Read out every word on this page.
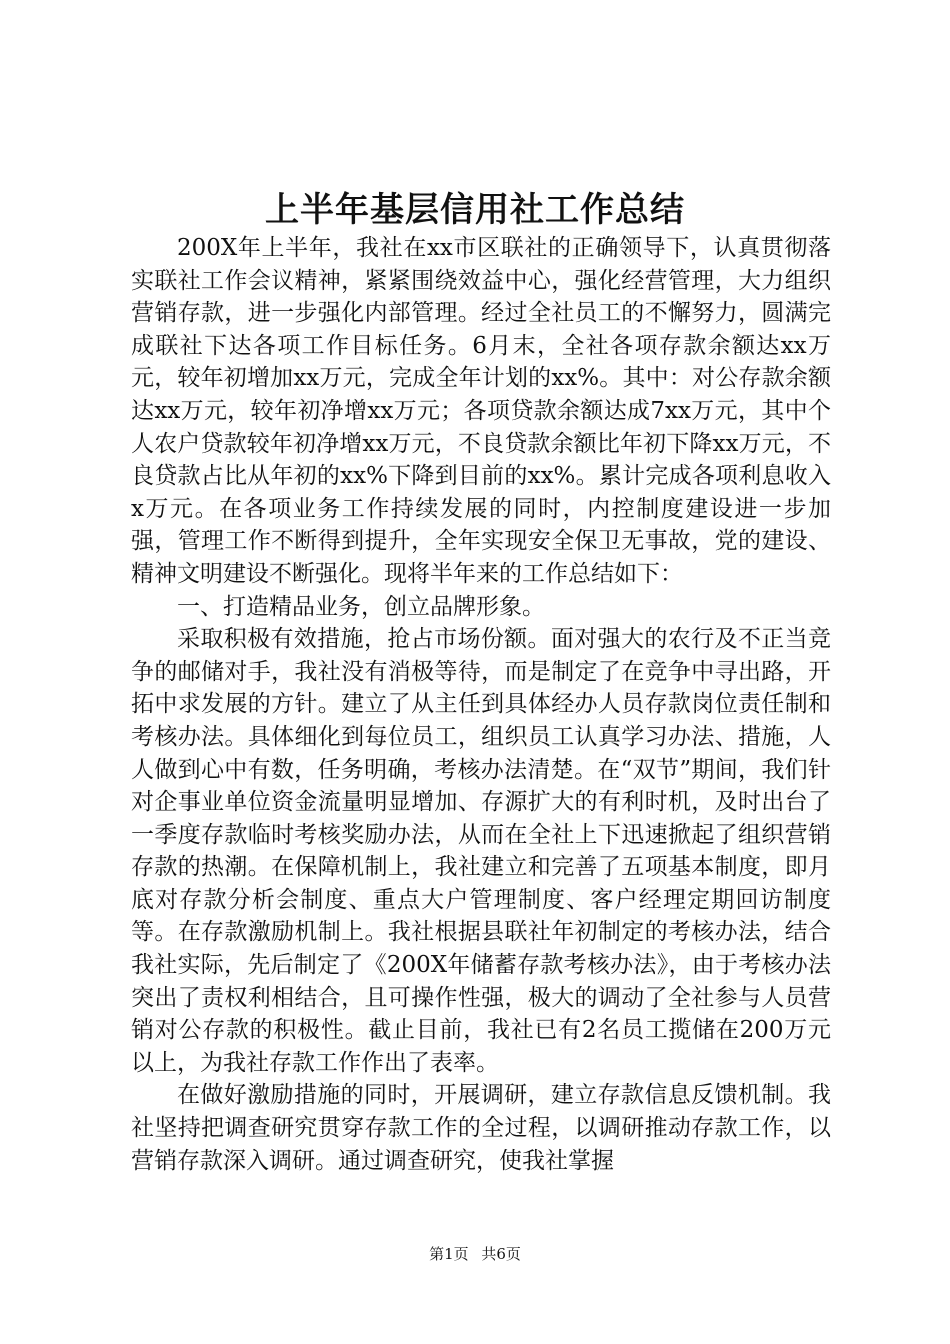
上半年基层信用社工作总结

200X年上半年，我社在xx市区联社的正确领导下，认真贯彻落实联社工作会议精神，紧紧围绕效益中心，强化经营管理，大力组织营销存款，进一步强化内部管理。经过全社员工的不懈努力，圆满完成联社下达各项工作目标任务。6月末，全社各项存款余额达xx万元，较年初增加xx万元，完成全年计划的xx%。其中：对公存款余额达xx万元，较年初净增xx万元；各项贷款余额达成7xx万元，其中个人农户贷款较年初净增xx万元，不良贷款余额比年初下降xx万元，不良贷款占比从年初的xx%下降到目前的xx%。累计完成各项利息收入x万元。在各项业务工作持续发展的同时，内控制度建设进一步加强，管理工作不断得到提升，全年实现安全保卫无事故，党的建设、精神文明建设不断强化。现将半年来的工作总结如下：

一、打造精品业务，创立品牌形象。

采取积极有效措施，抢占市场份额。面对强大的农行及不正当竞争的邮储对手，我社没有消极等待，而是制定了在竞争中寻出路，开拓中求发展的方针。建立了从主任到具体经办人员存款岗位责任制和考核办法。具体细化到每位员工，组织员工认真学习办法、措施，人人做到心中有数，任务明确，考核办法清楚。在“双节”期间，我们针对企事业单位资金流量明显增加、存源扩大的有利时机，及时出台了一季度存款临时考核奖励办法，从而在全社上下迅速掀起了组织营销存款的热潮。在保障机制上，我社建立和完善了五项基本制度，即月底对存款分析会制度、重点大户管理制度、客户经理定期回访制度等。在存款激励机制上。我社根据县联社年初制定的考核办法，结合我社实际，先后制定了《200X年储蓄存款考核办法》，由于考核办法突出了责权利相结合，且可操作性强，极大的调动了全社参与人员营销对公存款的积极性。截止目前，我社已有2名员工揽储在200万元以上，为我社存款工作作出了表率。

在做好激励措施的同时，开展调研，建立存款信息反馈机制。我社坚持把调查研究贯穿存款工作的全过程，以调研推动存款工作，以营销存款深入调研。通过调查研究，使我社掌握

第1页 共6页
